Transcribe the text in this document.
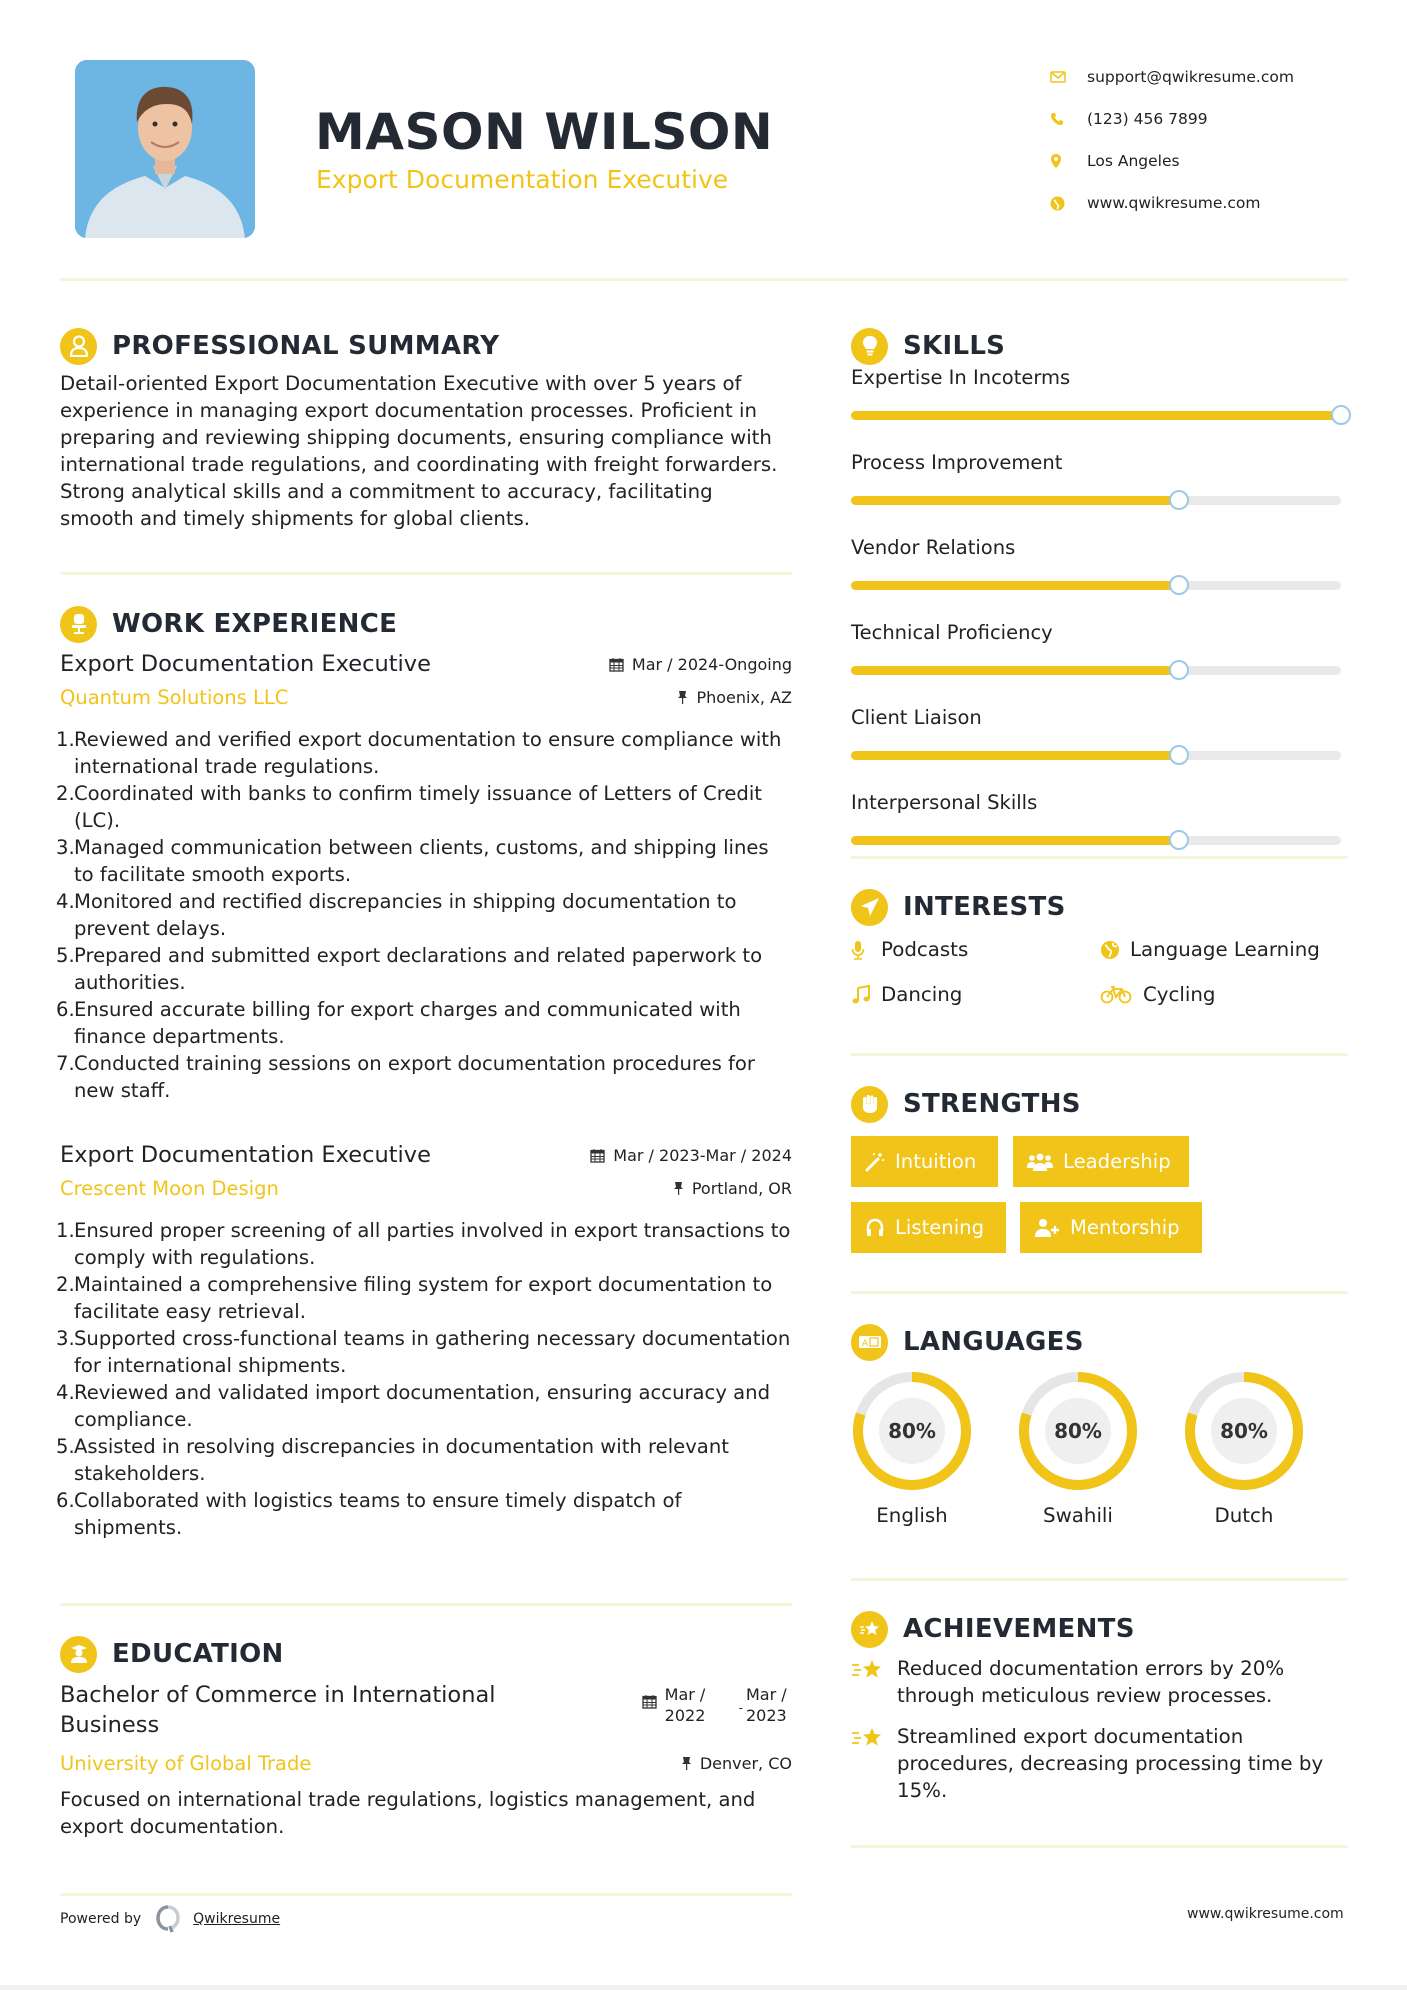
MASON WILSON
Export Documentation Executive
support@qwikresume.com
(123) 456 7899
Los Angeles
www.qwikresume.com
PROFESSIONAL SUMMARY

Detail-oriented Export Documentation Executive with over 5 years of experience in managing export documentation processes. Proficient in preparing and reviewing shipping documents, ensuring compliance with international trade regulations, and coordinating with freight forwarders. Strong analytical skills and a commitment to accuracy, facilitating smooth and timely shipments for global clients.

WORK EXPERIENCE
Export Documentation Executive	Mar / 2024-Ongoing
Quantum Solutions LLC	Phoenix, AZ
1. Reviewed and verified export documentation to ensure compliance with international trade regulations.
2. Coordinated with banks to confirm timely issuance of Letters of Credit (LC).
3. Managed communication between clients, customs, and shipping lines to facilitate smooth exports.
4. Monitored and rectified discrepancies in shipping documentation to prevent delays.
5. Prepared and submitted export declarations and related paperwork to authorities.
6. Ensured accurate billing for export charges and communicated with finance departments.
7. Conducted training sessions on export documentation procedures for new staff.
Export Documentation Executive	Mar / 2023-Mar / 2024
Crescent Moon Design	Portland, OR
1. Ensured proper screening of all parties involved in export transactions to comply with regulations.
2. Maintained a comprehensive filing system for export documentation to facilitate easy retrieval.
3. Supported cross-functional teams in gathering necessary documentation for international shipments.
4. Reviewed and validated import documentation, ensuring accuracy and compliance.
5. Assisted in resolving discrepancies in documentation with relevant stakeholders.
6. Collaborated with logistics teams to ensure timely dispatch of shipments.
EDUCATION
Bachelor of Commerce in International Business
Mar / 2022	-
Mar / 2023
University of Global Trade	Denver, CO

Focused on international trade regulations, logistics management, and export documentation.

SKILLS
Expertise In Incoterms
Process Improvement
Vendor Relations
Technical Proficiency
Client Liaison
Interpersonal Skills
INTERESTS
Podcasts	Language Learning
Dancing	Cycling
STRENGTHS
Intuition	Leadership
Listening	Mentorship
A LANGUAGES
80%
English
80%
Swahili
80%
Dutch
ACHIEVEMENTS
Reduced documentation errors by 20% through meticulous review processes.
Streamlined export documentation procedures, decreasing processing time by 15%.
Powered by	Qwikresume	www.qwikresume.com
